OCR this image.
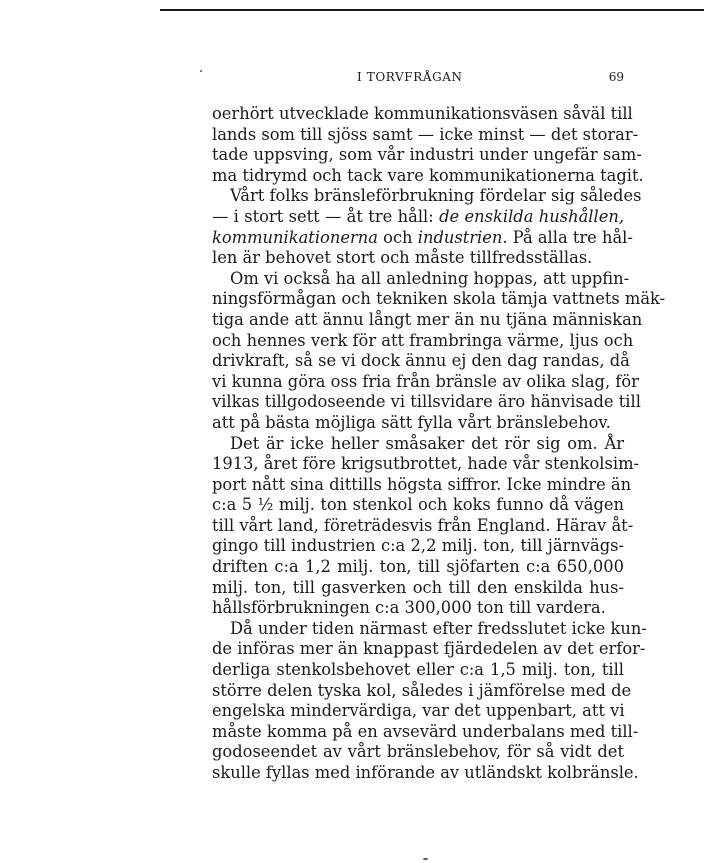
I TORVFRÅGAN	69
oerhört utvecklade kommunikationsväsen såväl till
lands som till sjöss samt — icke minst — det storar-
tade uppsving, som vår industri under ungefär sam-
ma tidrymd och tack vare kommunikationerna tagit.
Vårt folks bränsleförbrukning fördelar sig således
— i stort sett — åt tre håll: de enskilda hushållen,
kommunikationerna och industrien. På alla tre hål-
len är behovet stort och måste tillfredsställas.
Om vi också ha all anledning hoppas, att uppfin-
ningsförmågan och tekniken skola tämja vattnets mäk-
tiga ande att ännu långt mer än nu tjäna människan
och hennes verk för att frambringa värme, ljus och
drivkraft, så se vi dock ännu ej den dag randas, då
vi kunna göra oss fria från bränsle av olika slag, för
vilkas tillgodoseende vi tillsvidare äro hänvisade till
att på bästa möjliga sätt fylla vårt bränslebehov.
Det är icke heller småsaker det rör sig om. År
1913, året före krigsutbrottet, hade vår stenkolsim-
port nått sina dittills högsta siffror. Icke mindre än
c:a 5 ½ milj. ton stenkol och koks funno då vägen
till vårt land, företrädesvis från England. Härav åt-
gingo till industrien c:a 2,2 milj. ton, till järnvägs-
driften c:a 1,2 milj. ton, till sjöfarten c:a 650,000
milj. ton, till gasverken och till den enskilda hus-
hållsförbrukningen c:a 300,000 ton till vardera.
Då under tiden närmast efter fredsslutet icke kun-
de införas mer än knappast fjärdedelen av det erfor-
derliga stenkolsbehovet eller c:a 1,5 milj. ton, till
större delen tyska kol, således i jämförelse med de
engelska mindervärdiga, var det uppenbart, att vi
måste komma på en avsevärd underbalans med till-
godoseendet av vårt bränslebehov, för så vidt det
skulle fyllas med införande av utländskt kolbränsle.
